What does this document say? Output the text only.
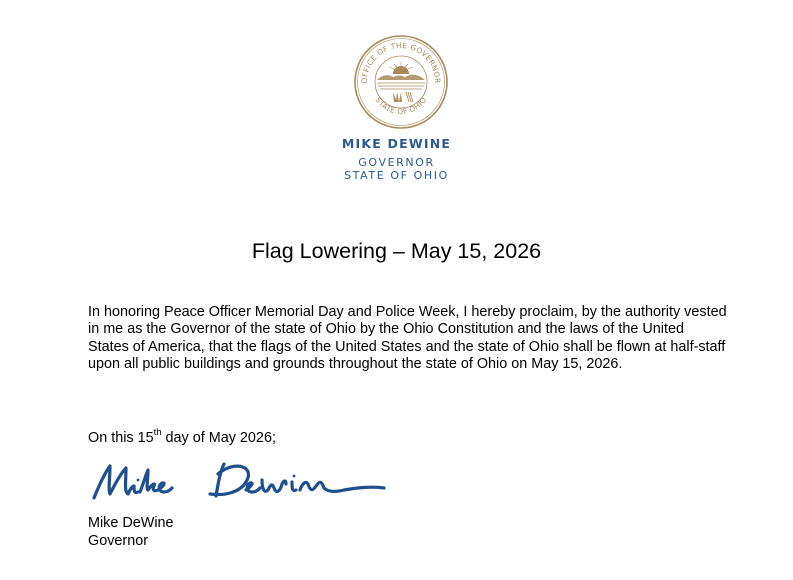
OFFICE OF THE GOVERNOR
STATE OF OHIO
MIKE DEWINE
GOVERNOR
STATE OF OHIO
Flag Lowering – May 15, 2026
In honoring Peace Officer Memorial Day and Police Week, I hereby proclaim, by the authority vested in me as the Governor of the state of Ohio by the Ohio Constitution and the laws of the United States of America, that the flags of the United States and the state of Ohio shall be flown at half-staff upon all public buildings and grounds throughout the state of Ohio on May 15, 2026.
On this 15th day of May 2026;
Mike DeWine
Governor
